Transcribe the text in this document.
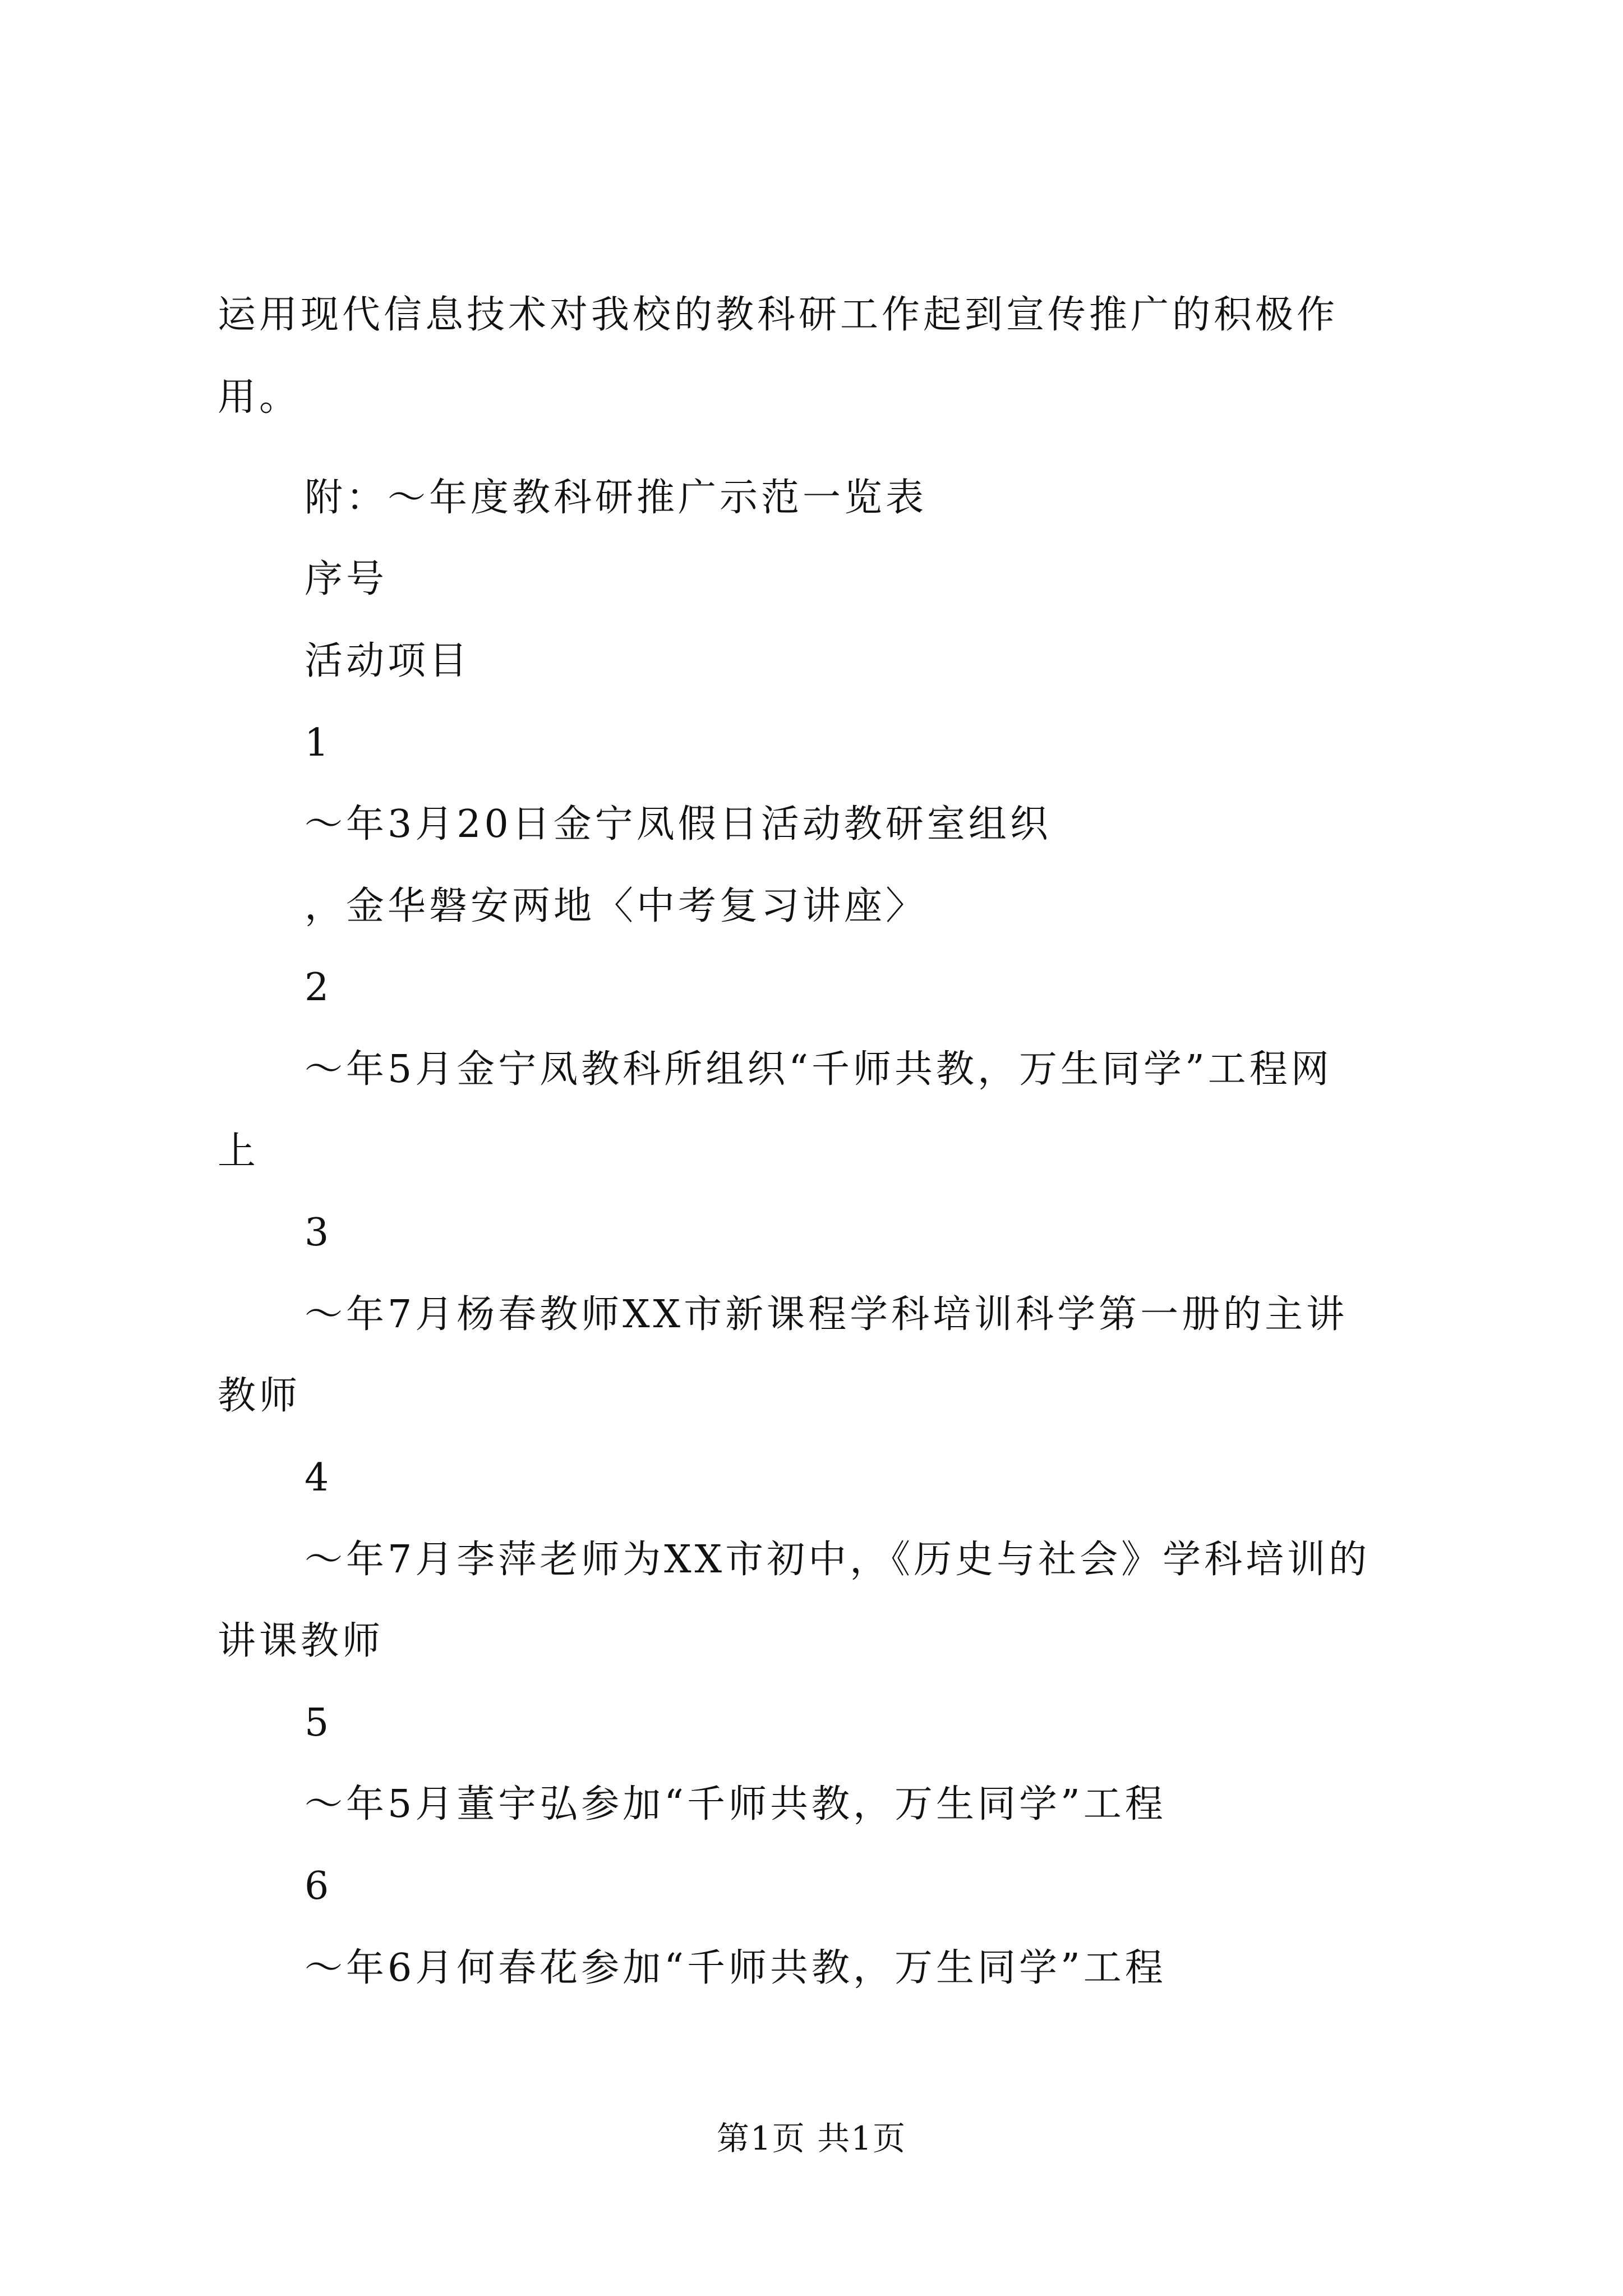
运用现代信息技术对我校的教科研工作起到宣传推广的积极作

用。

附：～年度教科研推广示范一览表

序号

活动项目

1

～年3月20日金宁凤假日活动教研室组织

，金华磐安两地〈中考复习讲座〉

2

～年5月金宁凤教科所组织“千师共教，万生同学”工程网

上

3

～年7月杨春教师XX市新课程学科培训科学第一册的主讲

教师

4

～年7月李萍老师为XX市初中，《历史与社会》学科培训的

讲课教师

5

～年5月董宇弘参加“千师共教，万生同学”工程

6

～年6月何春花参加“千师共教，万生同学”工程

第1页 共1页
